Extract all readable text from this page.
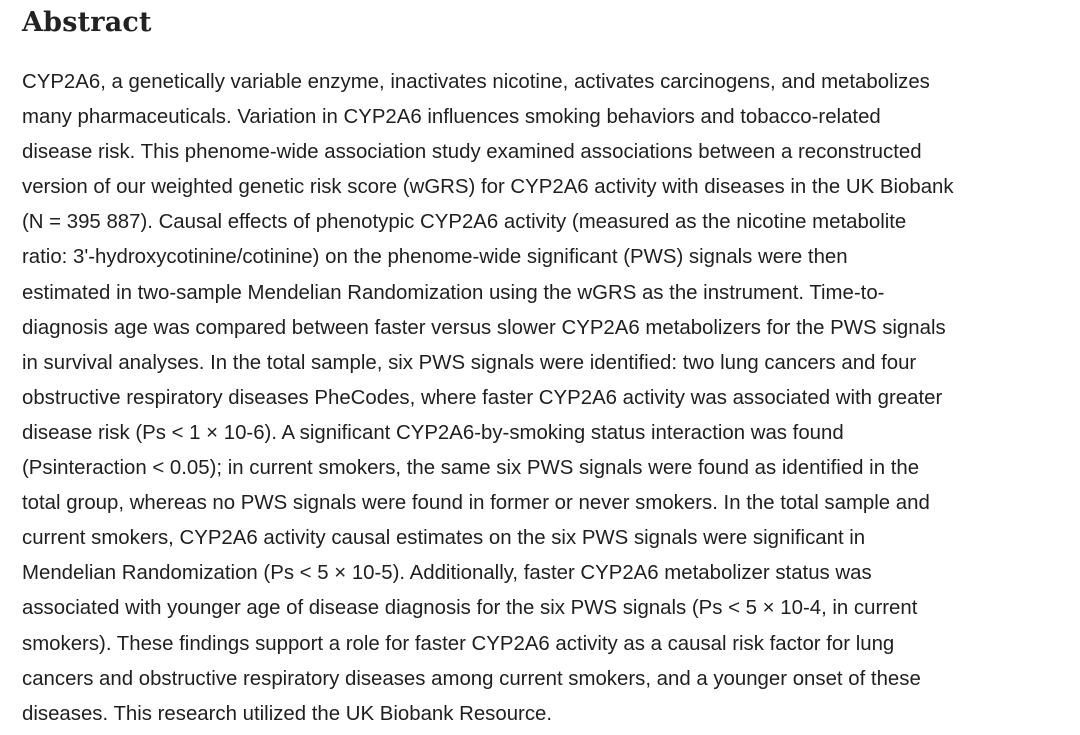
Abstract
CYP2A6, a genetically variable enzyme, inactivates nicotine, activates carcinogens, and metabolizes
many pharmaceuticals. Variation in CYP2A6 influences smoking behaviors and tobacco-related
disease risk. This phenome-wide association study examined associations between a reconstructed
version of our weighted genetic risk score (wGRS) for CYP2A6 activity with diseases in the UK Biobank
(N = 395 887). Causal effects of phenotypic CYP2A6 activity (measured as the nicotine metabolite
ratio: 3'-hydroxycotinine/cotinine) on the phenome-wide significant (PWS) signals were then
estimated in two-sample Mendelian Randomization using the wGRS as the instrument. Time-to-
diagnosis age was compared between faster versus slower CYP2A6 metabolizers for the PWS signals
in survival analyses. In the total sample, six PWS signals were identified: two lung cancers and four
obstructive respiratory diseases PheCodes, where faster CYP2A6 activity was associated with greater
disease risk (Ps < 1 × 10-6). A significant CYP2A6-by-smoking status interaction was found
(Psinteraction < 0.05); in current smokers, the same six PWS signals were found as identified in the
total group, whereas no PWS signals were found in former or never smokers. In the total sample and
current smokers, CYP2A6 activity causal estimates on the six PWS signals were significant in
Mendelian Randomization (Ps < 5 × 10-5). Additionally, faster CYP2A6 metabolizer status was
associated with younger age of disease diagnosis for the six PWS signals (Ps < 5 × 10-4, in current
smokers). These findings support a role for faster CYP2A6 activity as a causal risk factor for lung
cancers and obstructive respiratory diseases among current smokers, and a younger onset of these
diseases. This research utilized the UK Biobank Resource.
